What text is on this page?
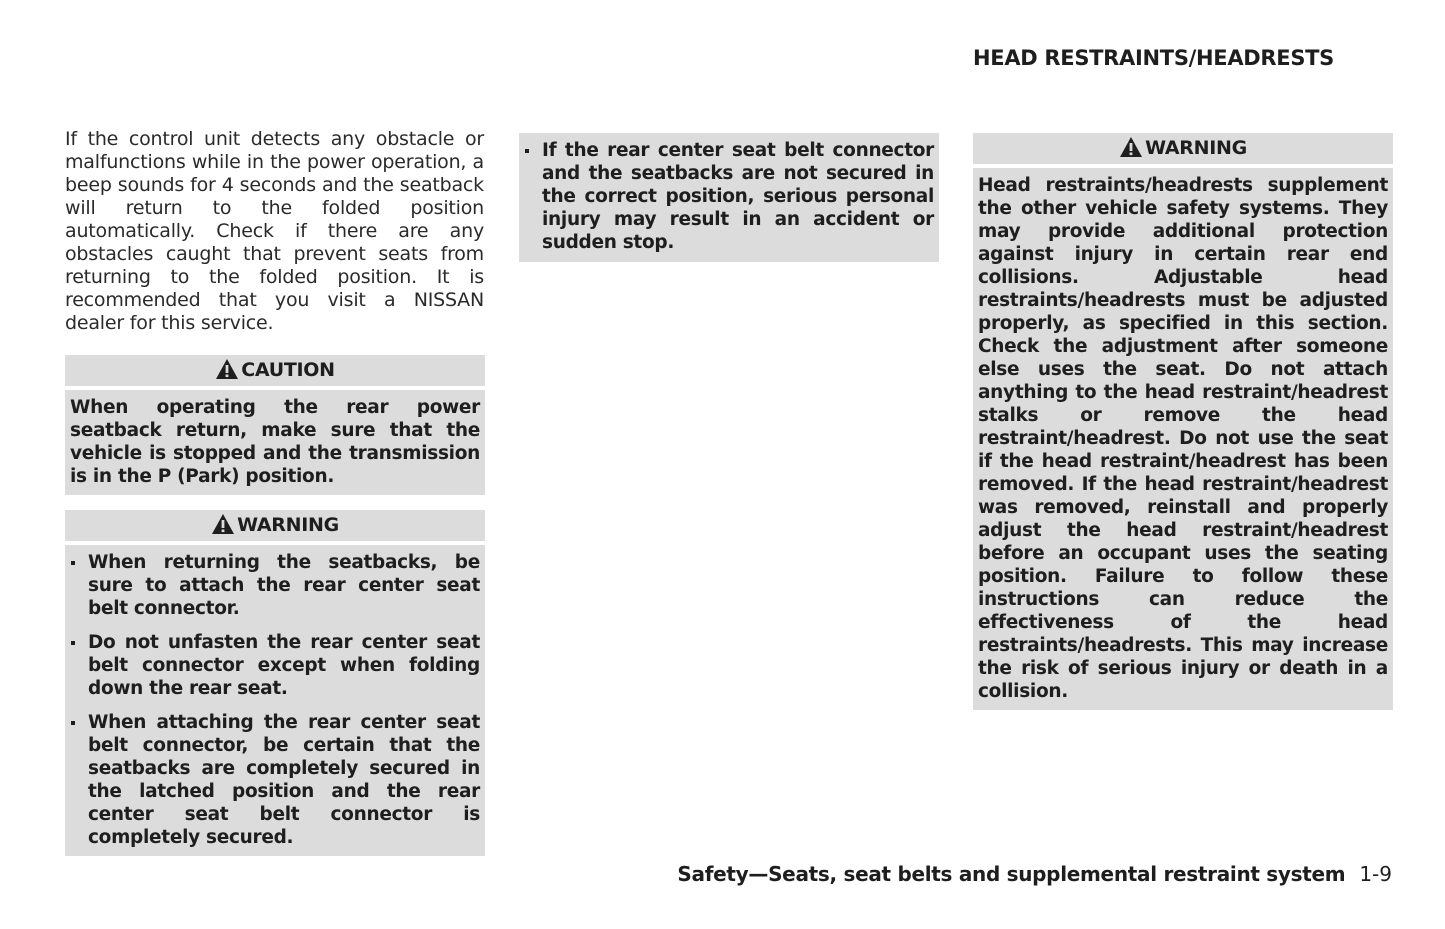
HEAD RESTRAINTS/HEADRESTS

If the control unit detects any obstacle or malfunctions while in the power operation, a beep sounds for 4 seconds and the seatback will return to the folded position automatically. Check if there are any obstacles caught that prevent seats from returning to the folded position. It is recommended that you visit a NISSAN dealer for this service.

CAUTION

When operating the rear power seatback return, make sure that the vehicle is stopped and the transmission is in the P (Park) position.

WARNING
When returning the seatbacks, be sure to attach the rear center seat belt connector.
Do not unfasten the rear center seat belt connector except when folding down the rear seat.
When attaching the rear center seat belt connector, be certain that the seatbacks are completely secured in the latched position and the rear center seat belt connector is completely secured.
If the rear center seat belt connector and the seatbacks are not secured in the correct position, serious personal injury may result in an accident or sudden stop.
WARNING

Head restraints/headrests supplement the other vehicle safety systems. They may provide additional protection against injury in certain rear end collisions. Adjustable head restraints/headrests must be adjusted properly, as specified in this section. Check the adjustment after someone else uses the seat. Do not attach anything to the head restraint/headrest stalks or remove the head restraint/headrest. Do not use the seat if the head restraint/headrest has been removed. If the head restraint/headrest was removed, reinstall and properly adjust the head restraint/headrest before an occupant uses the seating position. Failure to follow these instructions can reduce the effectiveness of the head restraints/headrests. This may increase the risk of serious injury or death in a collision.

Safety—Seats, seat belts and supplemental restraint system 1-9
